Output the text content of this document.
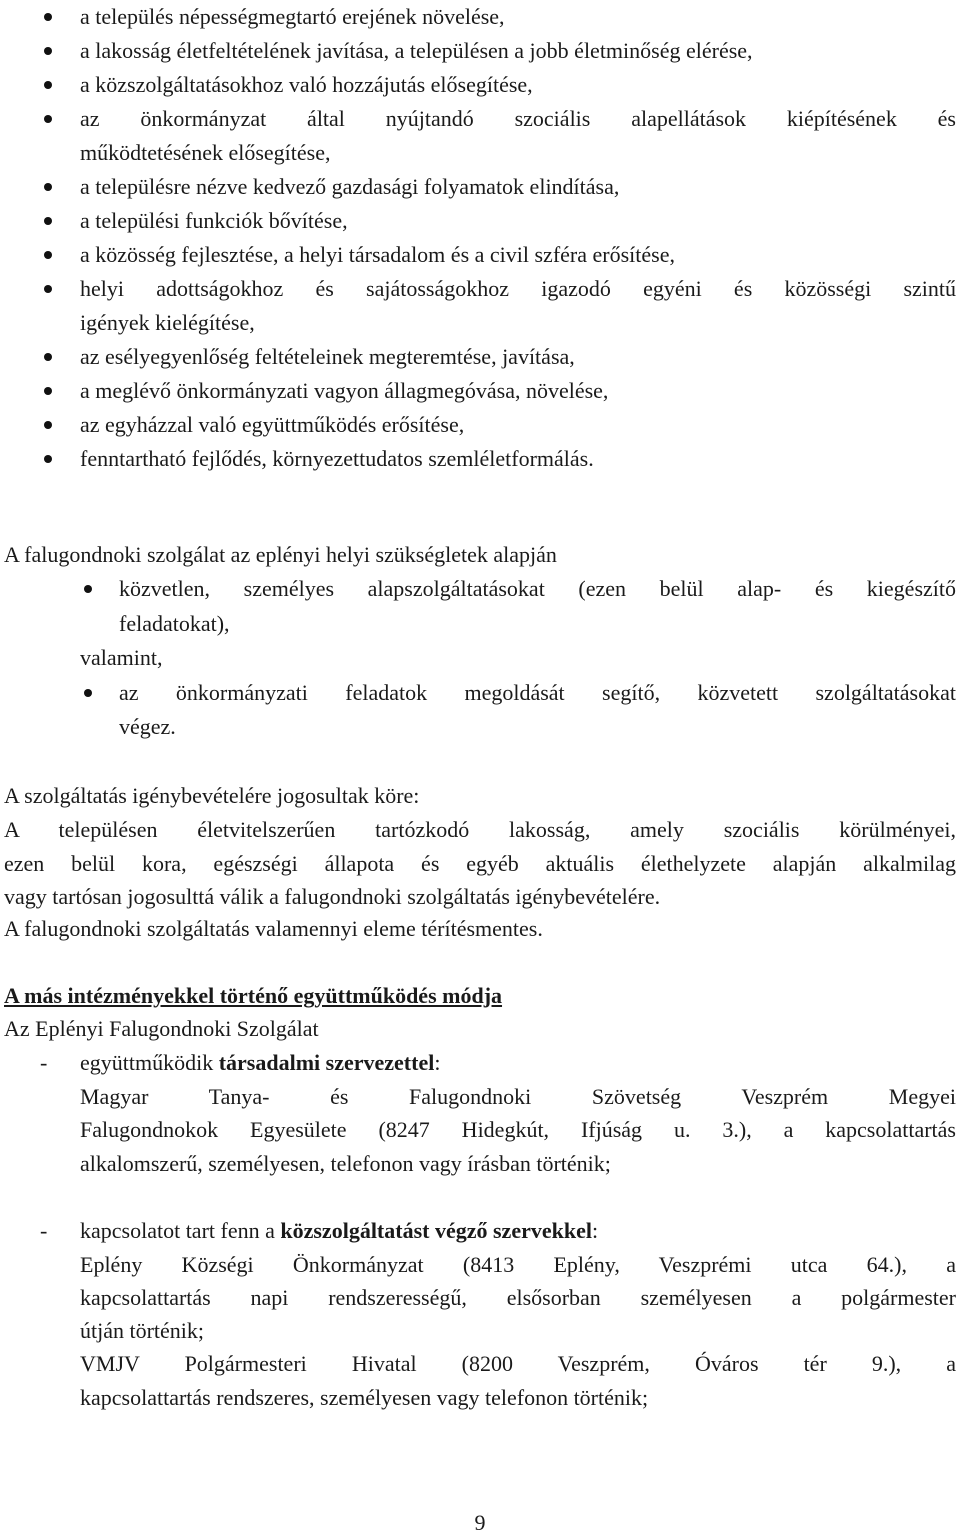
a település népességmegtartó erejének növelése,
a lakosság életfeltételének javítása, a településen a jobb életminőség elérése,
a közszolgáltatásokhoz való hozzájutás elősegítése,
az önkormányzat által nyújtandó szociális alapellátások kiépítésének és
működtetésének elősegítése,
a településre nézve kedvező gazdasági folyamatok elindítása,
a települési funkciók bővítése,
a közösség fejlesztése, a helyi társadalom és a civil szféra erősítése,
helyi adottságokhoz és sajátosságokhoz igazodó egyéni és közösségi szintű
igények kielégítése,
az esélyegyenlőség feltételeinek megteremtése, javítása,
a meglévő önkormányzati vagyon állagmegóvása, növelése,
az egyházzal való együttműködés erősítése,
fenntartható fejlődés, környezettudatos szemléletformálás.
A falugondnoki szolgálat az eplényi helyi szükségletek alapján
közvetlen, személyes alapszolgáltatásokat (ezen belül alap- és kiegészítő
feladatokat),
valamint,
az önkormányzati feladatok megoldását segítő, közvetett szolgáltatásokat
végez.
A szolgáltatás igénybevételére jogosultak köre:
A településen életvitelszerűen tartózkodó lakosság, amely szociális körülményei,
ezen belül kora, egészségi állapota és egyéb aktuális élethelyzete alapján alkalmilag
vagy tartósan jogosulttá válik a falugondnoki szolgáltatás igénybevételére.
A falugondnoki szolgáltatás valamennyi eleme térítésmentes.
A más intézményekkel történő együttműködés módja
Az Eplényi Falugondnoki Szolgálat
- együttműködik társadalmi szervezettel:
Magyar Tanya- és Falugondnoki Szövetség Veszprém Megyei
Falugondnokok Egyesülete (8247 Hidegkút, Ifjúság u. 3.), a kapcsolattartás
alkalomszerű, személyesen, telefonon vagy írásban történik;
- kapcsolatot tart fenn a közszolgáltatást végző szervekkel:
Eplény Községi Önkormányzat (8413 Eplény, Veszprémi utca 64.), a
kapcsolattartás napi rendszerességű, elsősorban személyesen a polgármester
útján történik;
VMJV Polgármesteri Hivatal (8200 Veszprém, Óváros tér 9.), a
kapcsolattartás rendszeres, személyesen vagy telefonon történik;
9
